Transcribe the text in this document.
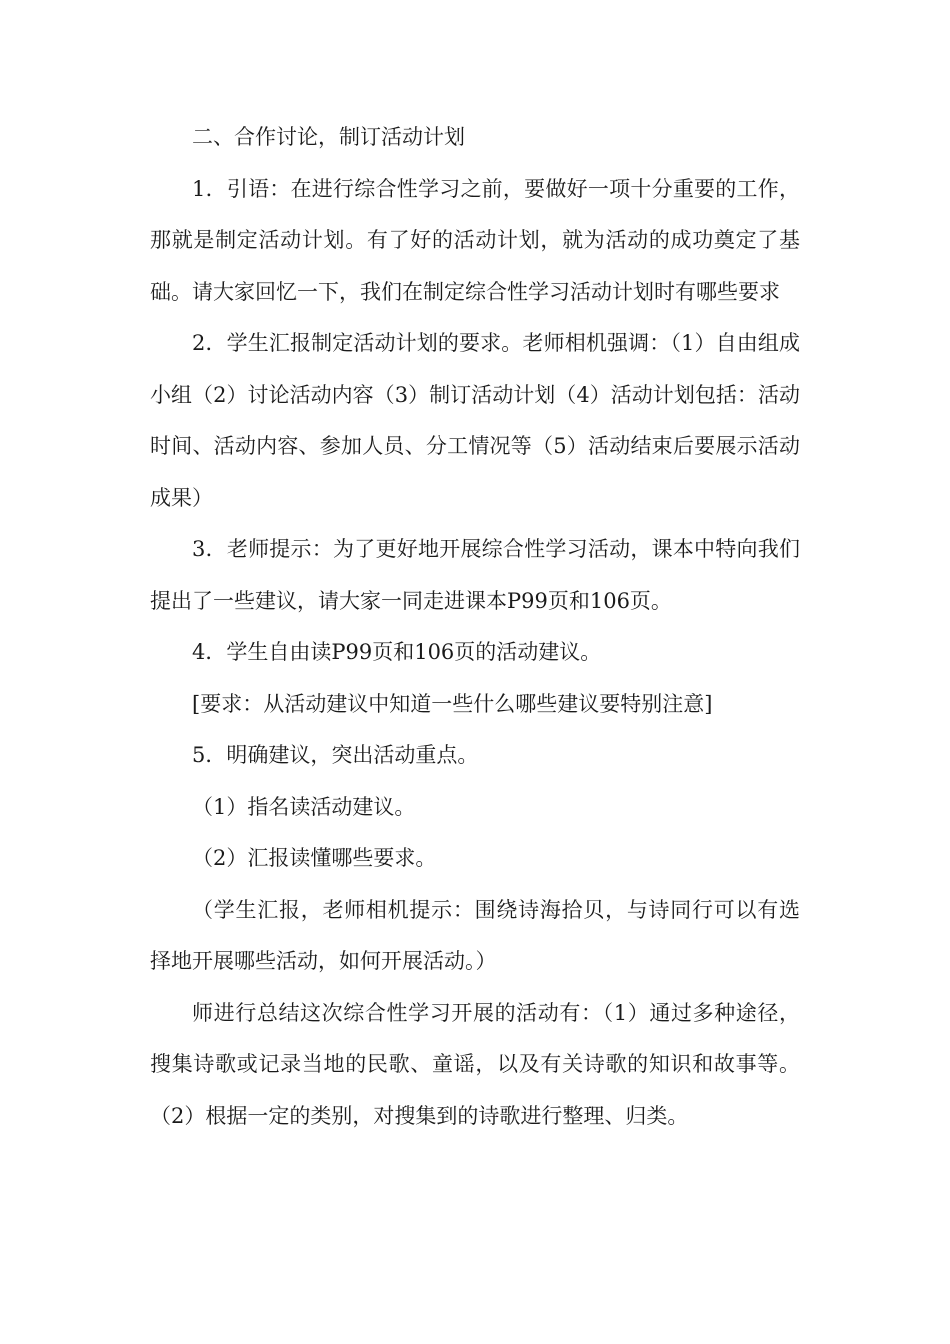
二、合作讨论，制订活动计划

1．引语：在进行综合性学习之前，要做好一项十分重要的工作，那就是制定活动计划。有了好的活动计划，就为活动的成功奠定了基础。请大家回忆一下，我们在制定综合性学习活动计划时有哪些要求

2．学生汇报制定活动计划的要求。老师相机强调：（1）自由组成小组（2）讨论活动内容（3）制订活动计划（4）活动计划包括：活动时间、活动内容、参加人员、分工情况等（5）活动结束后要展示活动成果）

3．老师提示：为了更好地开展综合性学习活动，课本中特向我们提出了一些建议，请大家一同走进课本P99页和106页。

4．学生自由读P99页和106页的活动建议。

[要求：从活动建议中知道一些什么哪些建议要特别注意]

5．明确建议，突出活动重点。

（1）指名读活动建议。

（2）汇报读懂哪些要求。

（学生汇报，老师相机提示：围绕诗海拾贝，与诗同行可以有选择地开展哪些活动，如何开展活动。）

师进行总结这次综合性学习开展的活动有：（1）通过多种途径，搜集诗歌或记录当地的民歌、童谣，以及有关诗歌的知识和故事等。（2）根据一定的类别，对搜集到的诗歌进行整理、归类。
